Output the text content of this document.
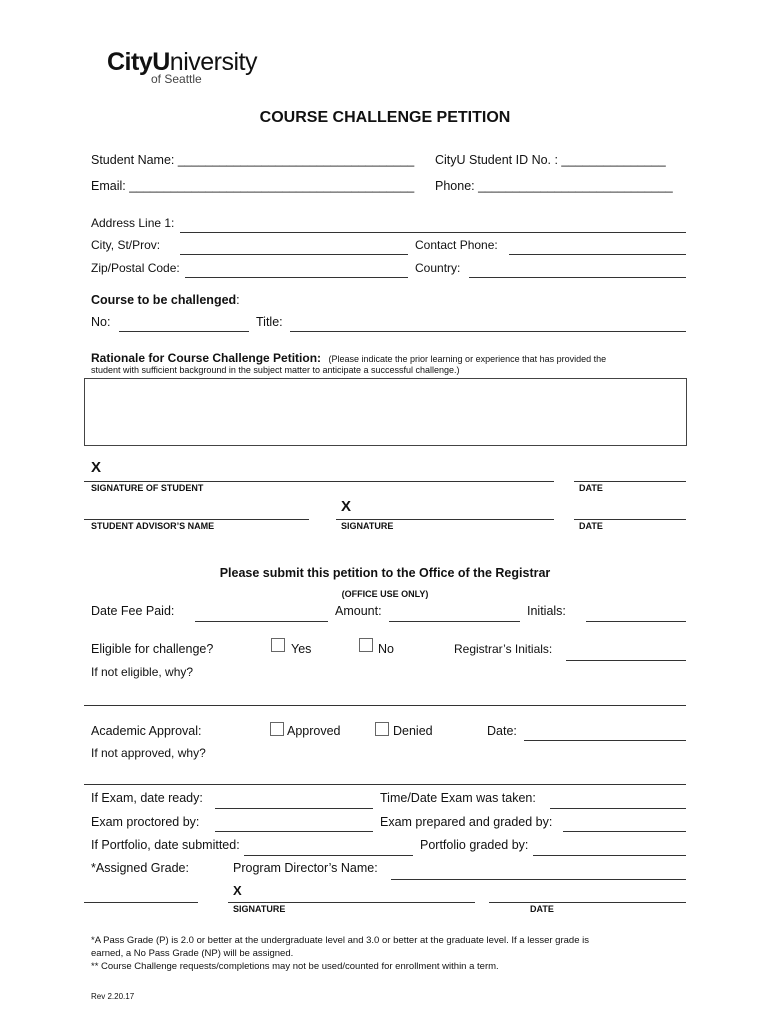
CityUniversity
of Seattle
COURSE CHALLENGE PETITION
Student Name: __________________________________ CityU Student ID No. : _______________
Email: _________________________________________ Phone: ____________________________
Address Line 1:
City, St/Prov:	Contact Phone:
Zip/Postal Code:	Country:
Course to be challenged:
No:	Title:
Rationale for Course Challenge Petition: (Please indicate the prior learning or experience that has provided the
student with sufficient background in the subject matter to anticipate a successful challenge.)
X
SIGNATURE OF STUDENT	DATE
X
STUDENT ADVISOR’S NAME	SIGNATURE	DATE
Please submit this petition to the Office of the Registrar
(OFFICE USE ONLY)
Date Fee Paid:	Amount:	Initials:
Eligible for challenge?	Yes	No	Registrar’s Initials:
If not eligible, why?
Academic Approval:	Approved	Denied	Date:
If not approved, why?
If Exam, date ready:	Time/Date Exam was taken:
Exam proctored by:	Exam prepared and graded by:
If Portfolio, date submitted:	Portfolio graded by:
*Assigned Grade:	Program Director’s Name:
X
SIGNATURE	DATE
*A Pass Grade (P) is 2.0 or better at the undergraduate level and 3.0 or better at the graduate level. If a lesser grade is
earned, a No Pass Grade (NP) will be assigned.
** Course Challenge requests/completions may not be used/counted for enrollment within a term.
Rev 2.20.17
